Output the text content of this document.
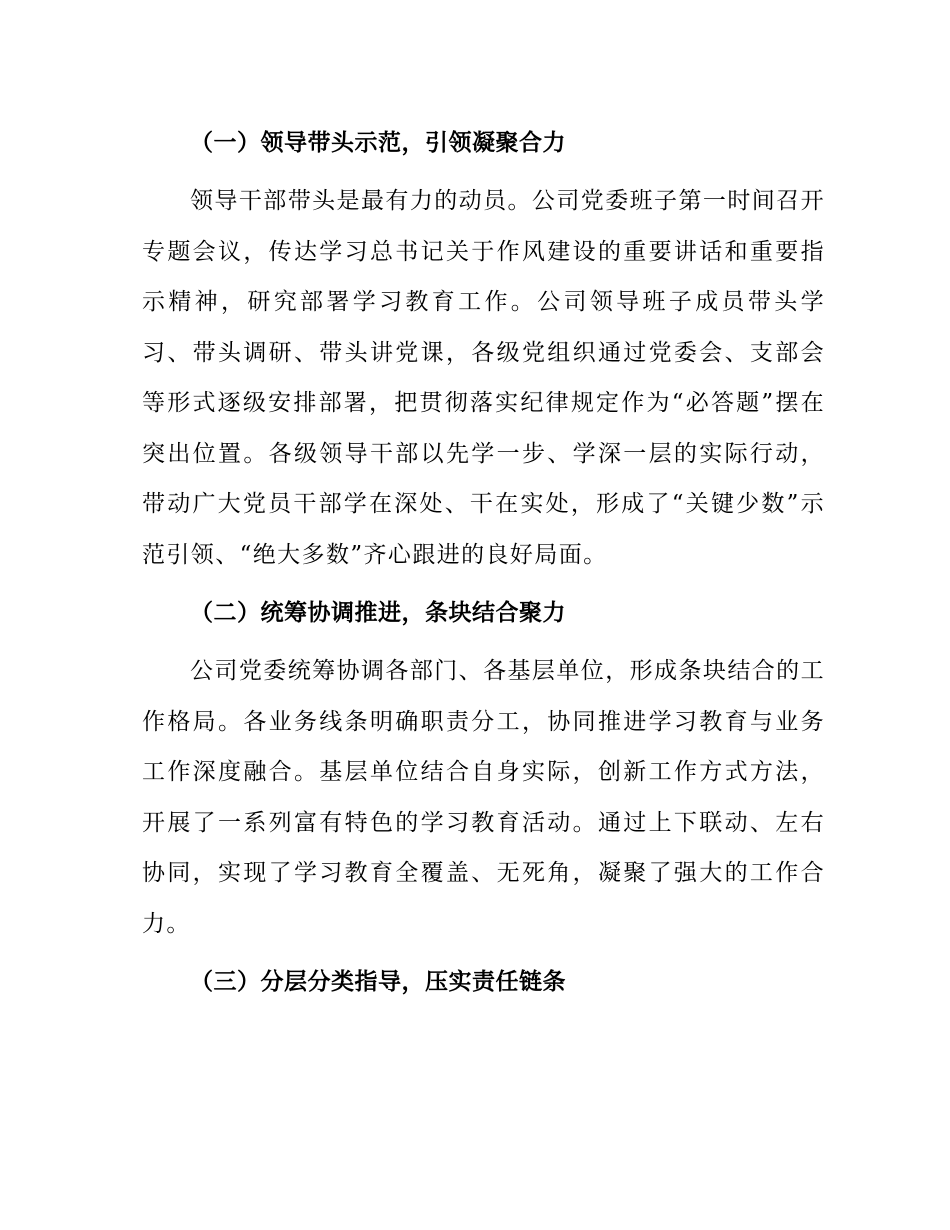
（一）领导带头示范，引领凝聚合力

领导干部带头是最有力的动员。公司党委班子第一时间召开专题会议，传达学习总书记关于作风建设的重要讲话和重要指示精神，研究部署学习教育工作。公司领导班子成员带头学习、带头调研、带头讲党课，各级党组织通过党委会、支部会等形式逐级安排部署，把贯彻落实纪律规定作为“必答题”摆在突出位置。各级领导干部以先学一步、学深一层的实际行动，带动广大党员干部学在深处、干在实处，形成了“关键少数”示范引领、“绝大多数”齐心跟进的良好局面。

（二）统筹协调推进，条块结合聚力

公司党委统筹协调各部门、各基层单位，形成条块结合的工作格局。各业务线条明确职责分工，协同推进学习教育与业务工作深度融合。基层单位结合自身实际，创新工作方式方法，开展了一系列富有特色的学习教育活动。通过上下联动、左右协同，实现了学习教育全覆盖、无死角，凝聚了强大的工作合力。

（三）分层分类指导，压实责任链条
